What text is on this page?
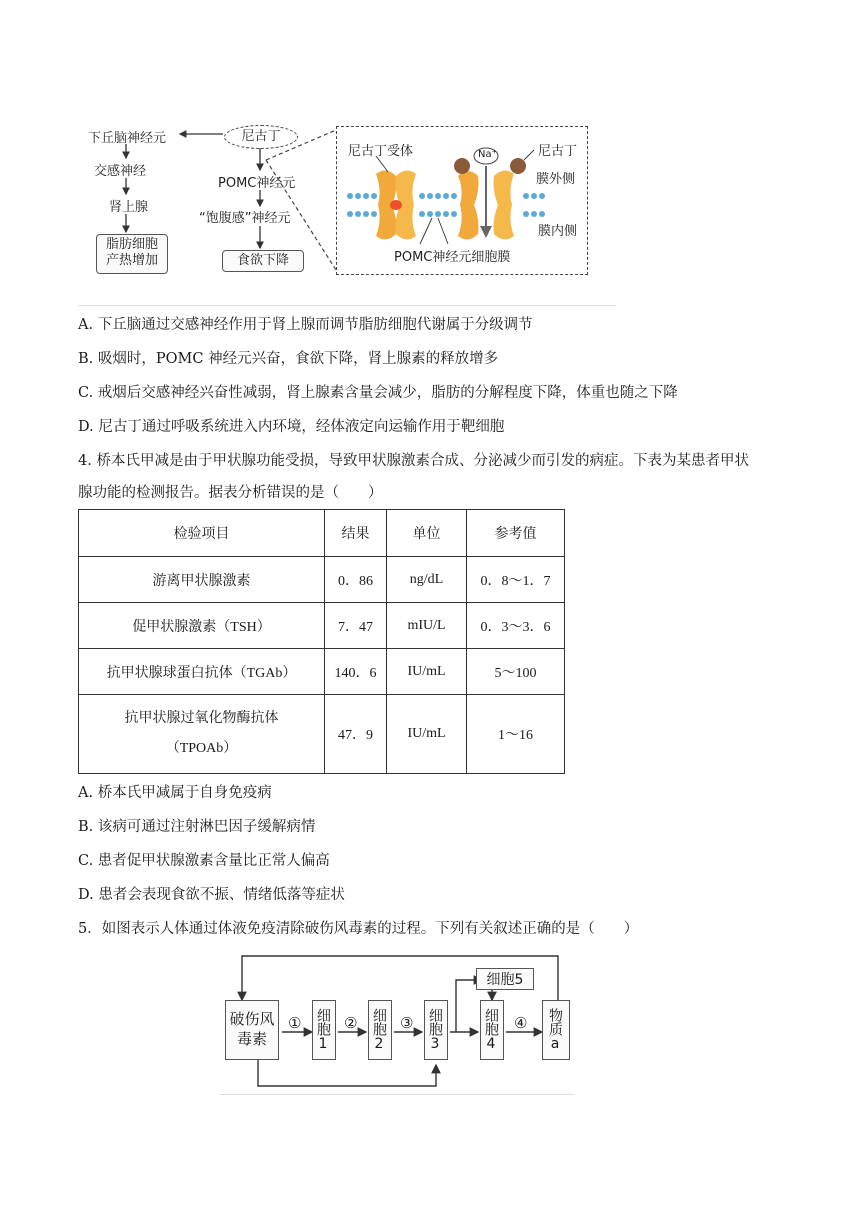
下丘脑神经元
交感神经
肾上腺
脂肪细胞
产热增加
尼古丁
POMC神经元
“饱腹感”神经元
食欲下降
尼古丁受体	Na⁺	尼古丁
膜外侧
膜内侧
POMC神经元细胞膜
A. 下丘脑通过交感神经作用于肾上腺而调节脂肪细胞代谢属于分级调节
B. 吸烟时，POMC 神经元兴奋，食欲下降，肾上腺素的释放增多
C. 戒烟后交感神经兴奋性减弱，肾上腺素含量会减少，脂肪的分解程度下降，体重也随之下降
D. 尼古丁通过呼吸系统进入内环境，经体液定向运输作用于靶细胞
4. 桥本氏甲减是由于甲状腺功能受损，导致甲状腺激素合成、分泌减少而引发的病症。下表为某患者甲状
腺功能的检测报告。据表分析错误的是（　　）
检验项目	结果	单位	参考值
游离甲状腺激素	0．86	ng/dL	0．8～1．7
促甲状腺激素（TSH）	7．47	mIU/L	0．3～3．6
抗甲状腺球蛋白抗体（TGAb）	140．6	IU/mL	5～100

抗甲状腺过氧化物酶抗体
（TPOAb）	47．9	IU/mL	1～16
A. 桥本氏甲减属于自身免疫病
B. 该病可通过注射淋巴因子缓解病情
C. 患者促甲状腺激素含量比正常人偏高
D. 患者会表现食欲不振、情绪低落等症状
5．如图表示人体通过体液免疫清除破伤风毒素的过程。下列有关叙述正确的是（　　）
破伤风毒素	细胞1	细胞2	细胞3	细胞4
细胞5
物质a
①	②	③	④
